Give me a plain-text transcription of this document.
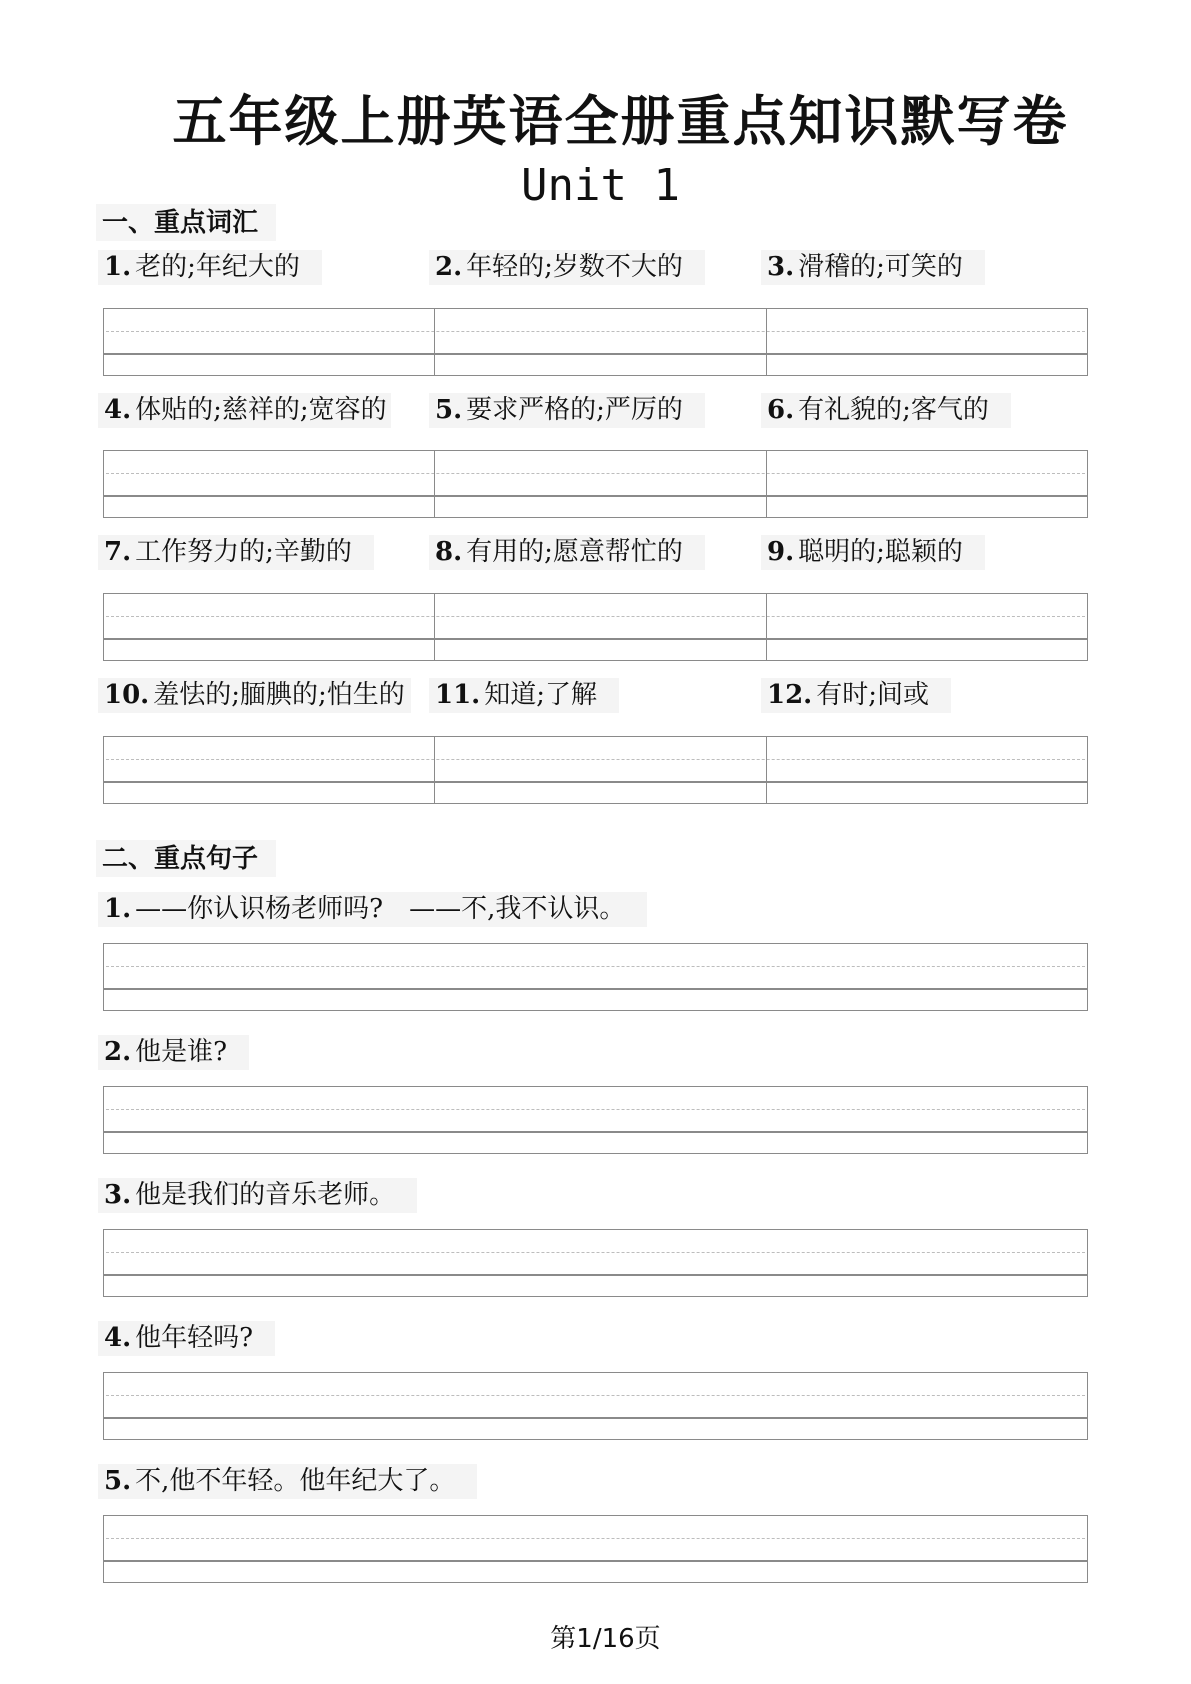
五年级上册英语全册重点知识默写卷
Unit 1
一、重点词汇
1. 老的;年纪大的	2. 年轻的;岁数不大的	3. 滑稽的;可笑的
4. 体贴的;慈祥的;宽容的 5. 要求严格的;严厉的	6. 有礼貌的;客气的
7. 工作努力的;辛勤的	8. 有用的;愿意帮忙的	9. 聪明的;聪颖的
10. 羞怯的;腼腆的;怕生的 11. 知道;了解	12. 有时;间或
二、重点句子
1. ——你认识杨老师吗?　——不,我不认识。
2. 他是谁?
3. 他是我们的音乐老师。
4. 他年轻吗?
5. 不,他不年轻。他年纪大了。
第1/16页
